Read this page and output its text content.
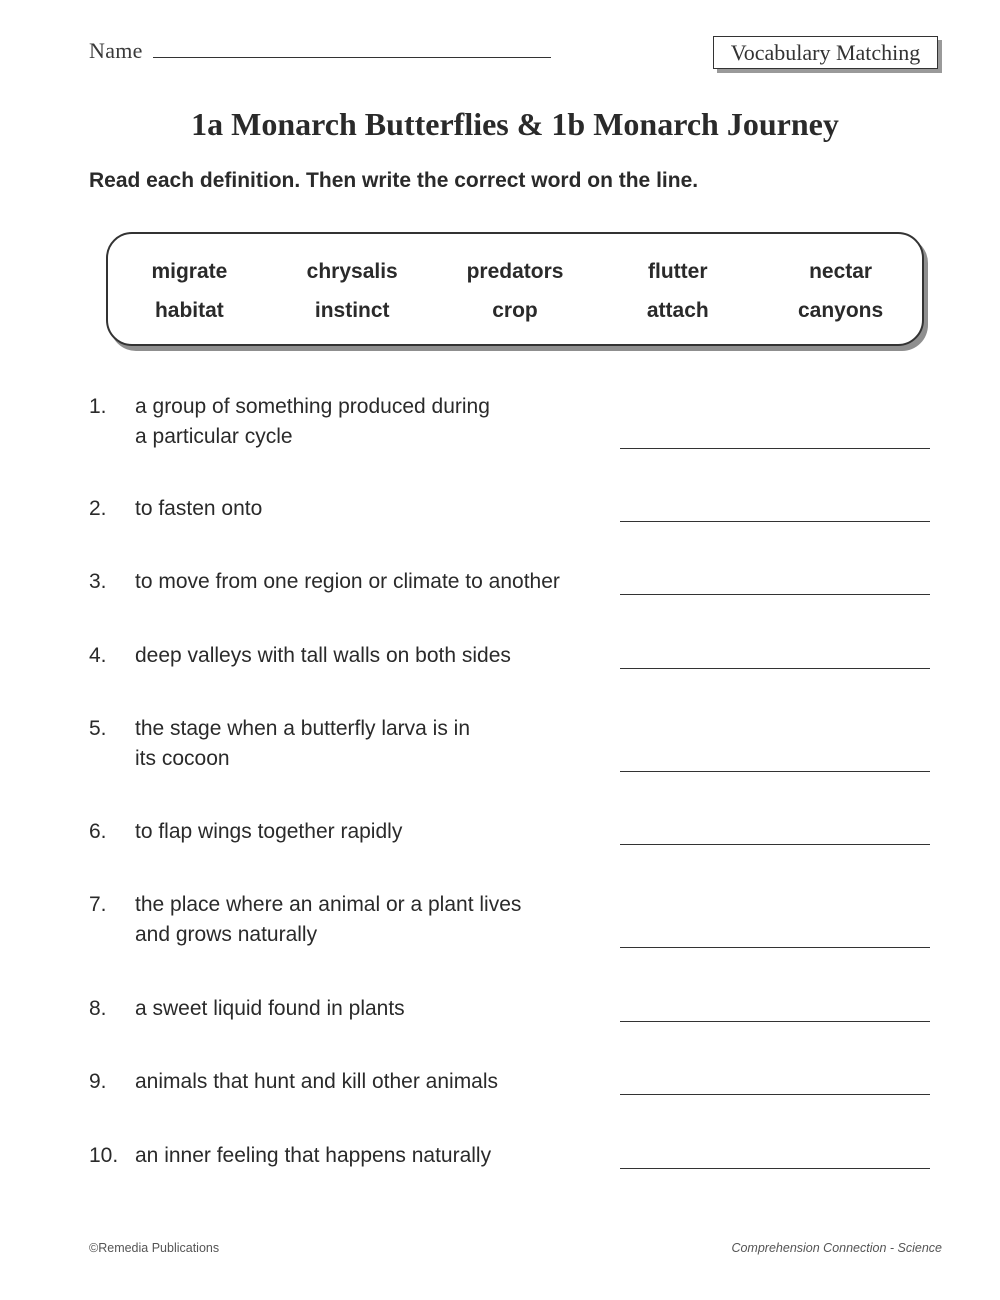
Name	Vocabulary Matching
1a Monarch Butterflies & 1b Monarch Journey
Read each definition. Then write the correct word on the line.
migrate	chrysalis	predators	flutter	nectar
habitat	instinct	crop	attach	canyons
1. a group of something produced during
a particular cycle
2. to fasten onto
3. to move from one region or climate to another
4. deep valleys with tall walls on both sides
5. the stage when a butterfly larva is in
its cocoon
6. to flap wings together rapidly
7. the place where an animal or a plant lives
and grows naturally
8. a sweet liquid found in plants
9. animals that hunt and kill other animals
10. an inner feeling that happens naturally
©Remedia Publications	Comprehension Connection - Science
